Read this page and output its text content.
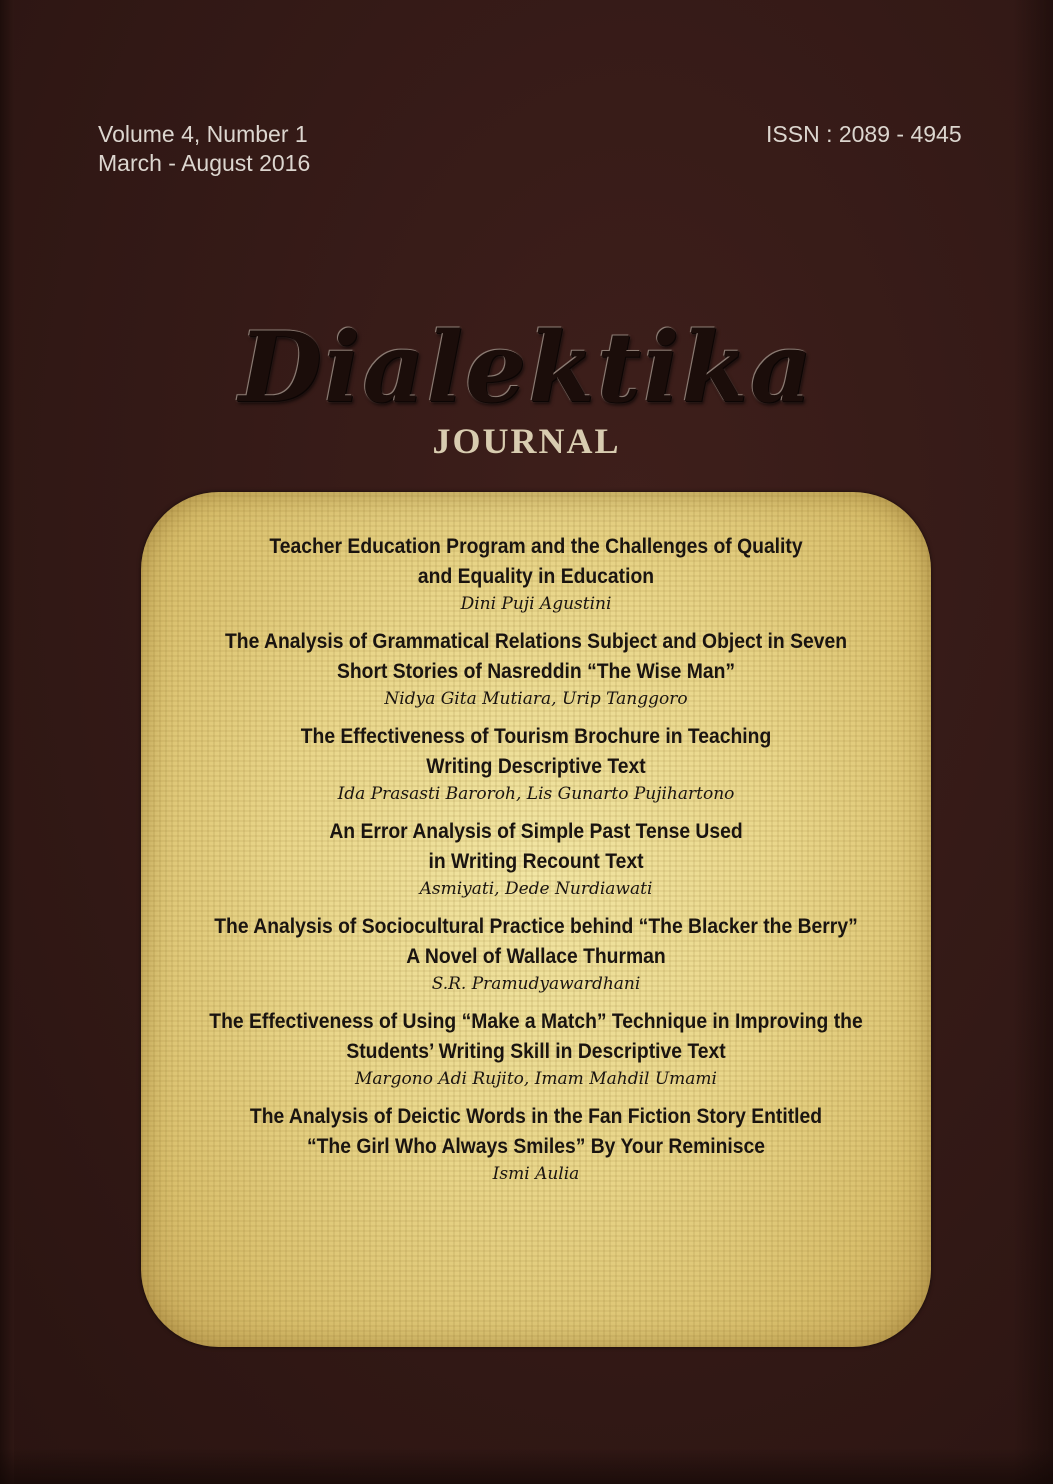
Volume 4, Number 1
March - August 2016
ISSN : 2089 - 4945
Dialektika
JOURNAL
Teacher Education Program and the Challenges of Quality
and Equality in Education
Dini Puji Agustini
The Analysis of Grammatical Relations Subject and Object in Seven
Short Stories of Nasreddin “The Wise Man”
Nidya Gita Mutiara, Urip Tanggoro
The Effectiveness of Tourism Brochure in Teaching
Writing Descriptive Text
Ida Prasasti Baroroh, Lis Gunarto Pujihartono
An Error Analysis of Simple Past Tense Used
in Writing Recount Text
Asmiyati, Dede Nurdiawati
The Analysis of Sociocultural Practice behind “The Blacker the Berry”
A Novel of Wallace Thurman
S.R. Pramudyawardhani
The Effectiveness of Using “Make a Match” Technique in Improving the
Students’ Writing Skill in Descriptive Text
Margono Adi Rujito, Imam Mahdil Umami
The Analysis of Deictic Words in the Fan Fiction Story Entitled
“The Girl Who Always Smiles” By Your Reminisce
Ismi Aulia
